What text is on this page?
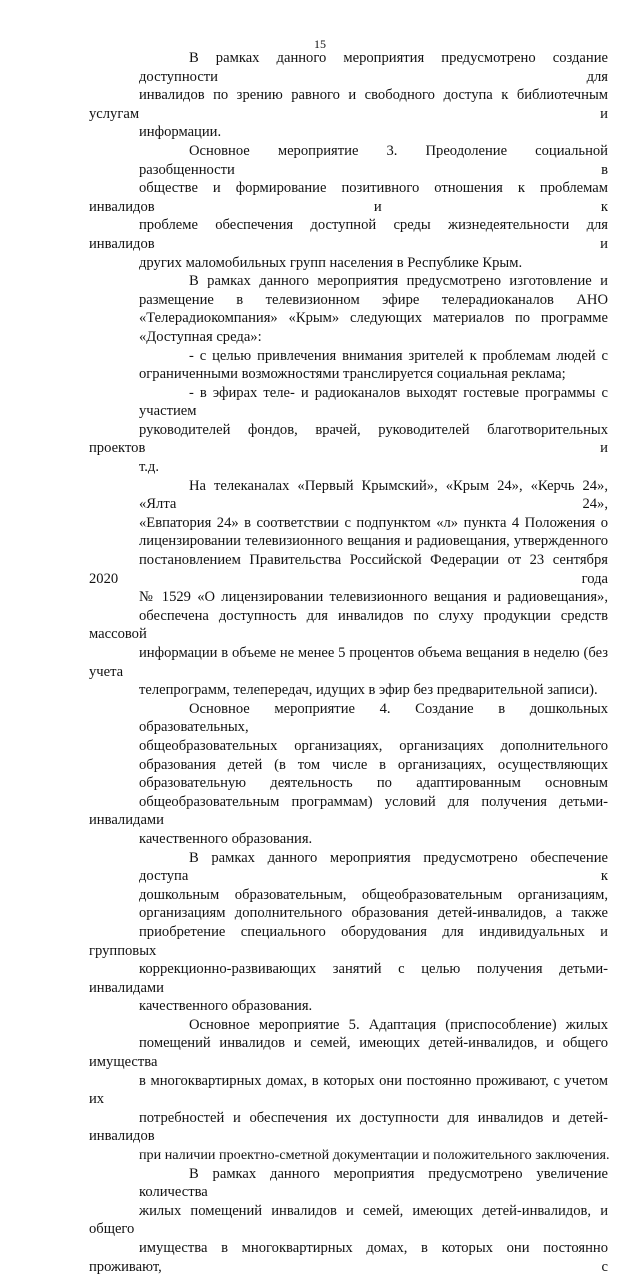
15
В рамках данного мероприятия предусмотрено создание доступности для
инвалидов по зрению равного и свободного доступа к библиотечным услугам и
информации.
Основное мероприятие 3. Преодоление социальной разобщенности в
обществе и формирование позитивного отношения к проблемам инвалидов и к
проблеме обеспечения доступной среды жизнедеятельности для инвалидов и
других маломобильных групп населения в Республике Крым.
В рамках данного мероприятия предусмотрено изготовление и
размещение в телевизионном эфире телерадиоканалов АНО
«Телерадиокомпания» «Крым» следующих материалов по программе
«Доступная среда»:
- с целью привлечения внимания зрителей к проблемам людей с
ограниченными возможностями транслируется социальная реклама;
- в эфирах теле- и радиоканалов выходят гостевые программы с участием
руководителей фондов, врачей, руководителей благотворительных проектов и
т.д.
На телеканалах «Первый Крымский», «Крым 24», «Керчь 24», «Ялта 24»,
«Евпатория 24» в соответствии с подпунктом «л» пункта 4 Положения о
лицензировании телевизионного вещания и радиовещания, утвержденного
постановлением Правительства Российской Федерации от 23 сентября 2020 года
№ 1529 «О лицензировании телевизионного вещания и радиовещания»,
обеспечена доступность для инвалидов по слуху продукции средств массовой
информации в объеме не менее 5 процентов объема вещания в неделю (без учета
телепрограмм, телепередач, идущих в эфир без предварительной записи).
Основное мероприятие 4. Создание в дошкольных образовательных,
общеобразовательных организациях, организациях дополнительного
образования детей (в том числе в организациях, осуществляющих
образовательную деятельность по адаптированным основным
общеобразовательным программам) условий для получения детьми-инвалидами
качественного образования.
В рамках данного мероприятия предусмотрено обеспечение доступа к
дошкольным образовательным, общеобразовательным организациям,
организациям дополнительного образования детей-инвалидов, а также
приобретение специального оборудования для индивидуальных и групповых
коррекционно-развивающих занятий с целью получения детьми-инвалидами
качественного образования.
Основное мероприятие 5. Адаптация (приспособление) жилых
помещений инвалидов и семей, имеющих детей-инвалидов, и общего имущества
в многоквартирных домах, в которых они постоянно проживают, с учетом их
потребностей и обеспечения их доступности для инвалидов и детей-инвалидов
при наличии проектно-сметной документации и положительного заключения.
В рамках данного мероприятия предусмотрено увеличение количества
жилых помещений инвалидов и семей, имеющих детей-инвалидов, и общего
имущества в многоквартирных домах, в которых они постоянно проживают, с
